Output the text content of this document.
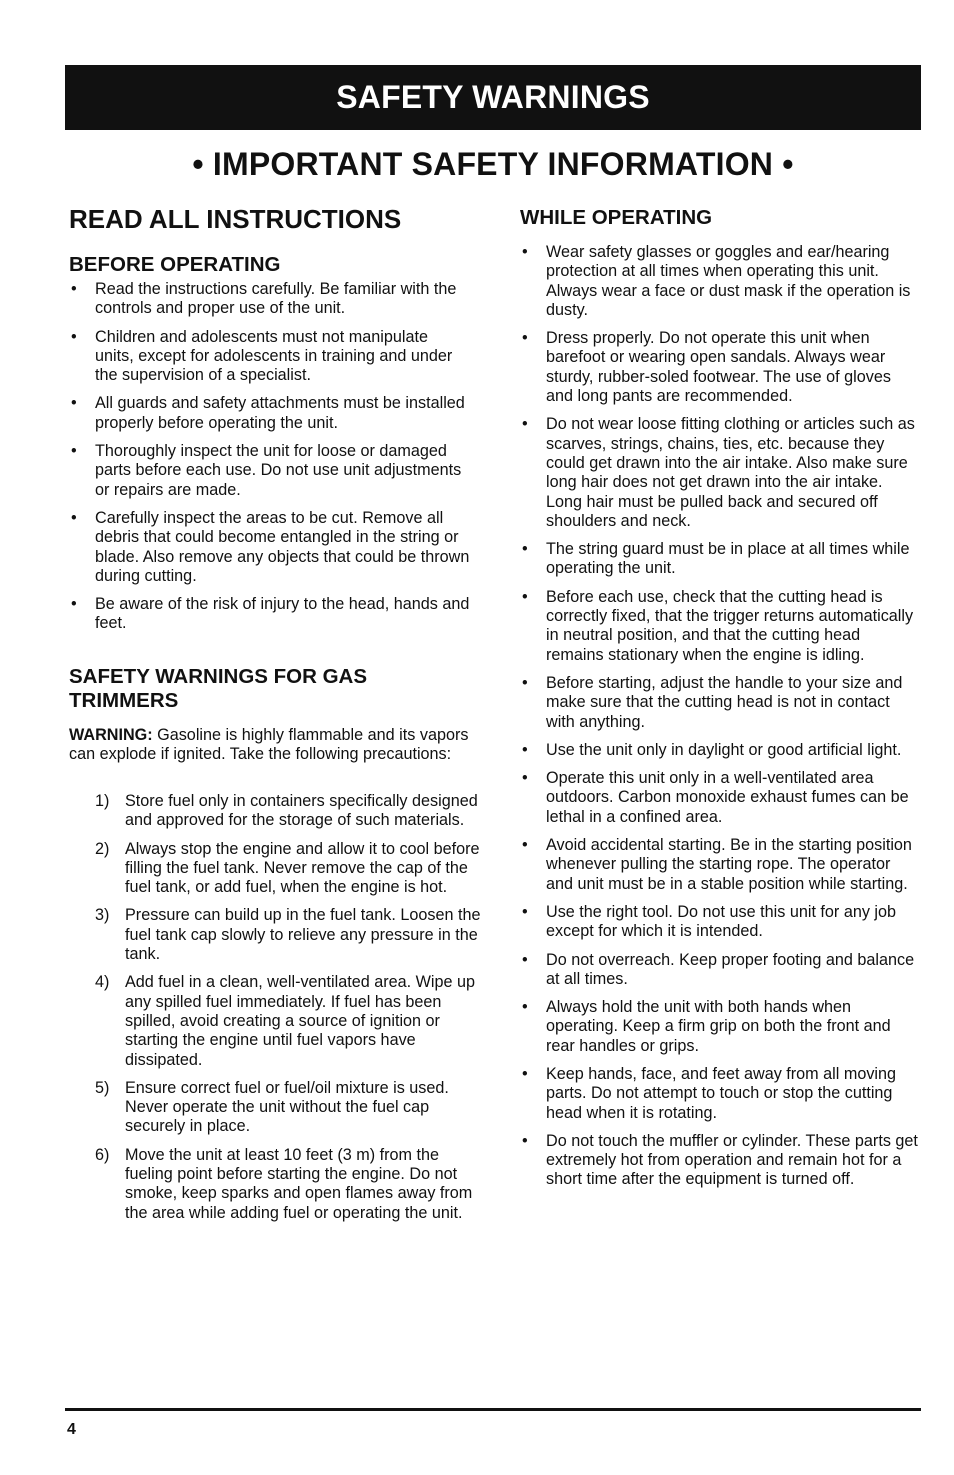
SAFETY WARNINGS
• IMPORTANT SAFETY INFORMATION •
READ ALL INSTRUCTIONS
BEFORE OPERATING
• Read the instructions carefully. Be familiar with the controls and proper use of the unit.
• Children and adolescents must not manipulate units, except for adolescents in training and under the supervision of a specialist.
• All guards and safety attachments must be installed properly before operating the unit.
• Thoroughly inspect the unit for loose or damaged parts before each use. Do not use unit adjustments or repairs are made.
• Carefully inspect the areas to be cut. Remove all debris that could become entangled in the string or blade. Also remove any objects that could be thrown during cutting.
• Be aware of the risk of injury to the head, hands and feet.
SAFETY WARNINGS FOR GAS TRIMMERS

WARNING: Gasoline is highly flammable and its vapors can explode if ignited. Take the following precautions:

1) Store fuel only in containers specifically designed and approved for the storage of such materials.
2) Always stop the engine and allow it to cool before filling the fuel tank. Never remove the cap of the fuel tank, or add fuel, when the engine is hot.
3) Pressure can build up in the fuel tank. Loosen the fuel tank cap slowly to relieve any pressure in the tank.
4) Add fuel in a clean, well-ventilated area. Wipe up any spilled fuel immediately. If fuel has been spilled, avoid creating a source of ignition or starting the engine until fuel vapors have dissipated.
5) Ensure correct fuel or fuel/oil mixture is used. Never operate the unit without the fuel cap securely in place.
6) Move the unit at least 10 feet (3 m) from the fueling point before starting the engine. Do not smoke, keep sparks and open flames away from the area while adding fuel or operating the unit.
WHILE OPERATING
• Wear safety glasses or goggles and ear/hearing protection at all times when operating this unit. Always wear a face or dust mask if the operation is dusty.
• Dress properly. Do not operate this unit when barefoot or wearing open sandals. Always wear sturdy, rubber-soled footwear. The use of gloves and long pants are recommended.
• Do not wear loose fitting clothing or articles such as scarves, strings, chains, ties, etc. because they could get drawn into the air intake. Also make sure long hair does not get drawn into the air intake. Long hair must be pulled back and secured off shoulders and neck.
• The string guard must be in place at all times while operating the unit.
• Before each use, check that the cutting head is correctly fixed, that the trigger returns automatically in neutral position, and that the cutting head remains stationary when the engine is idling.
• Before starting, adjust the handle to your size and make sure that the cutting head is not in contact with anything.
• Use the unit only in daylight or good artificial light.
• Operate this unit only in a well-ventilated area outdoors. Carbon monoxide exhaust fumes can be lethal in a confined area.
• Avoid accidental starting. Be in the starting position whenever pulling the starting rope. The operator and unit must be in a stable position while starting.
• Use the right tool. Do not use this unit for any job except for which it is intended.
• Do not overreach. Keep proper footing and balance at all times.
• Always hold the unit with both hands when operating. Keep a firm grip on both the front and rear handles or grips.
• Keep hands, face, and feet away from all moving parts. Do not attempt to touch or stop the cutting head when it is rotating.
• Do not touch the muffler or cylinder. These parts get extremely hot from operation and remain hot for a short time after the equipment is turned off.
4
